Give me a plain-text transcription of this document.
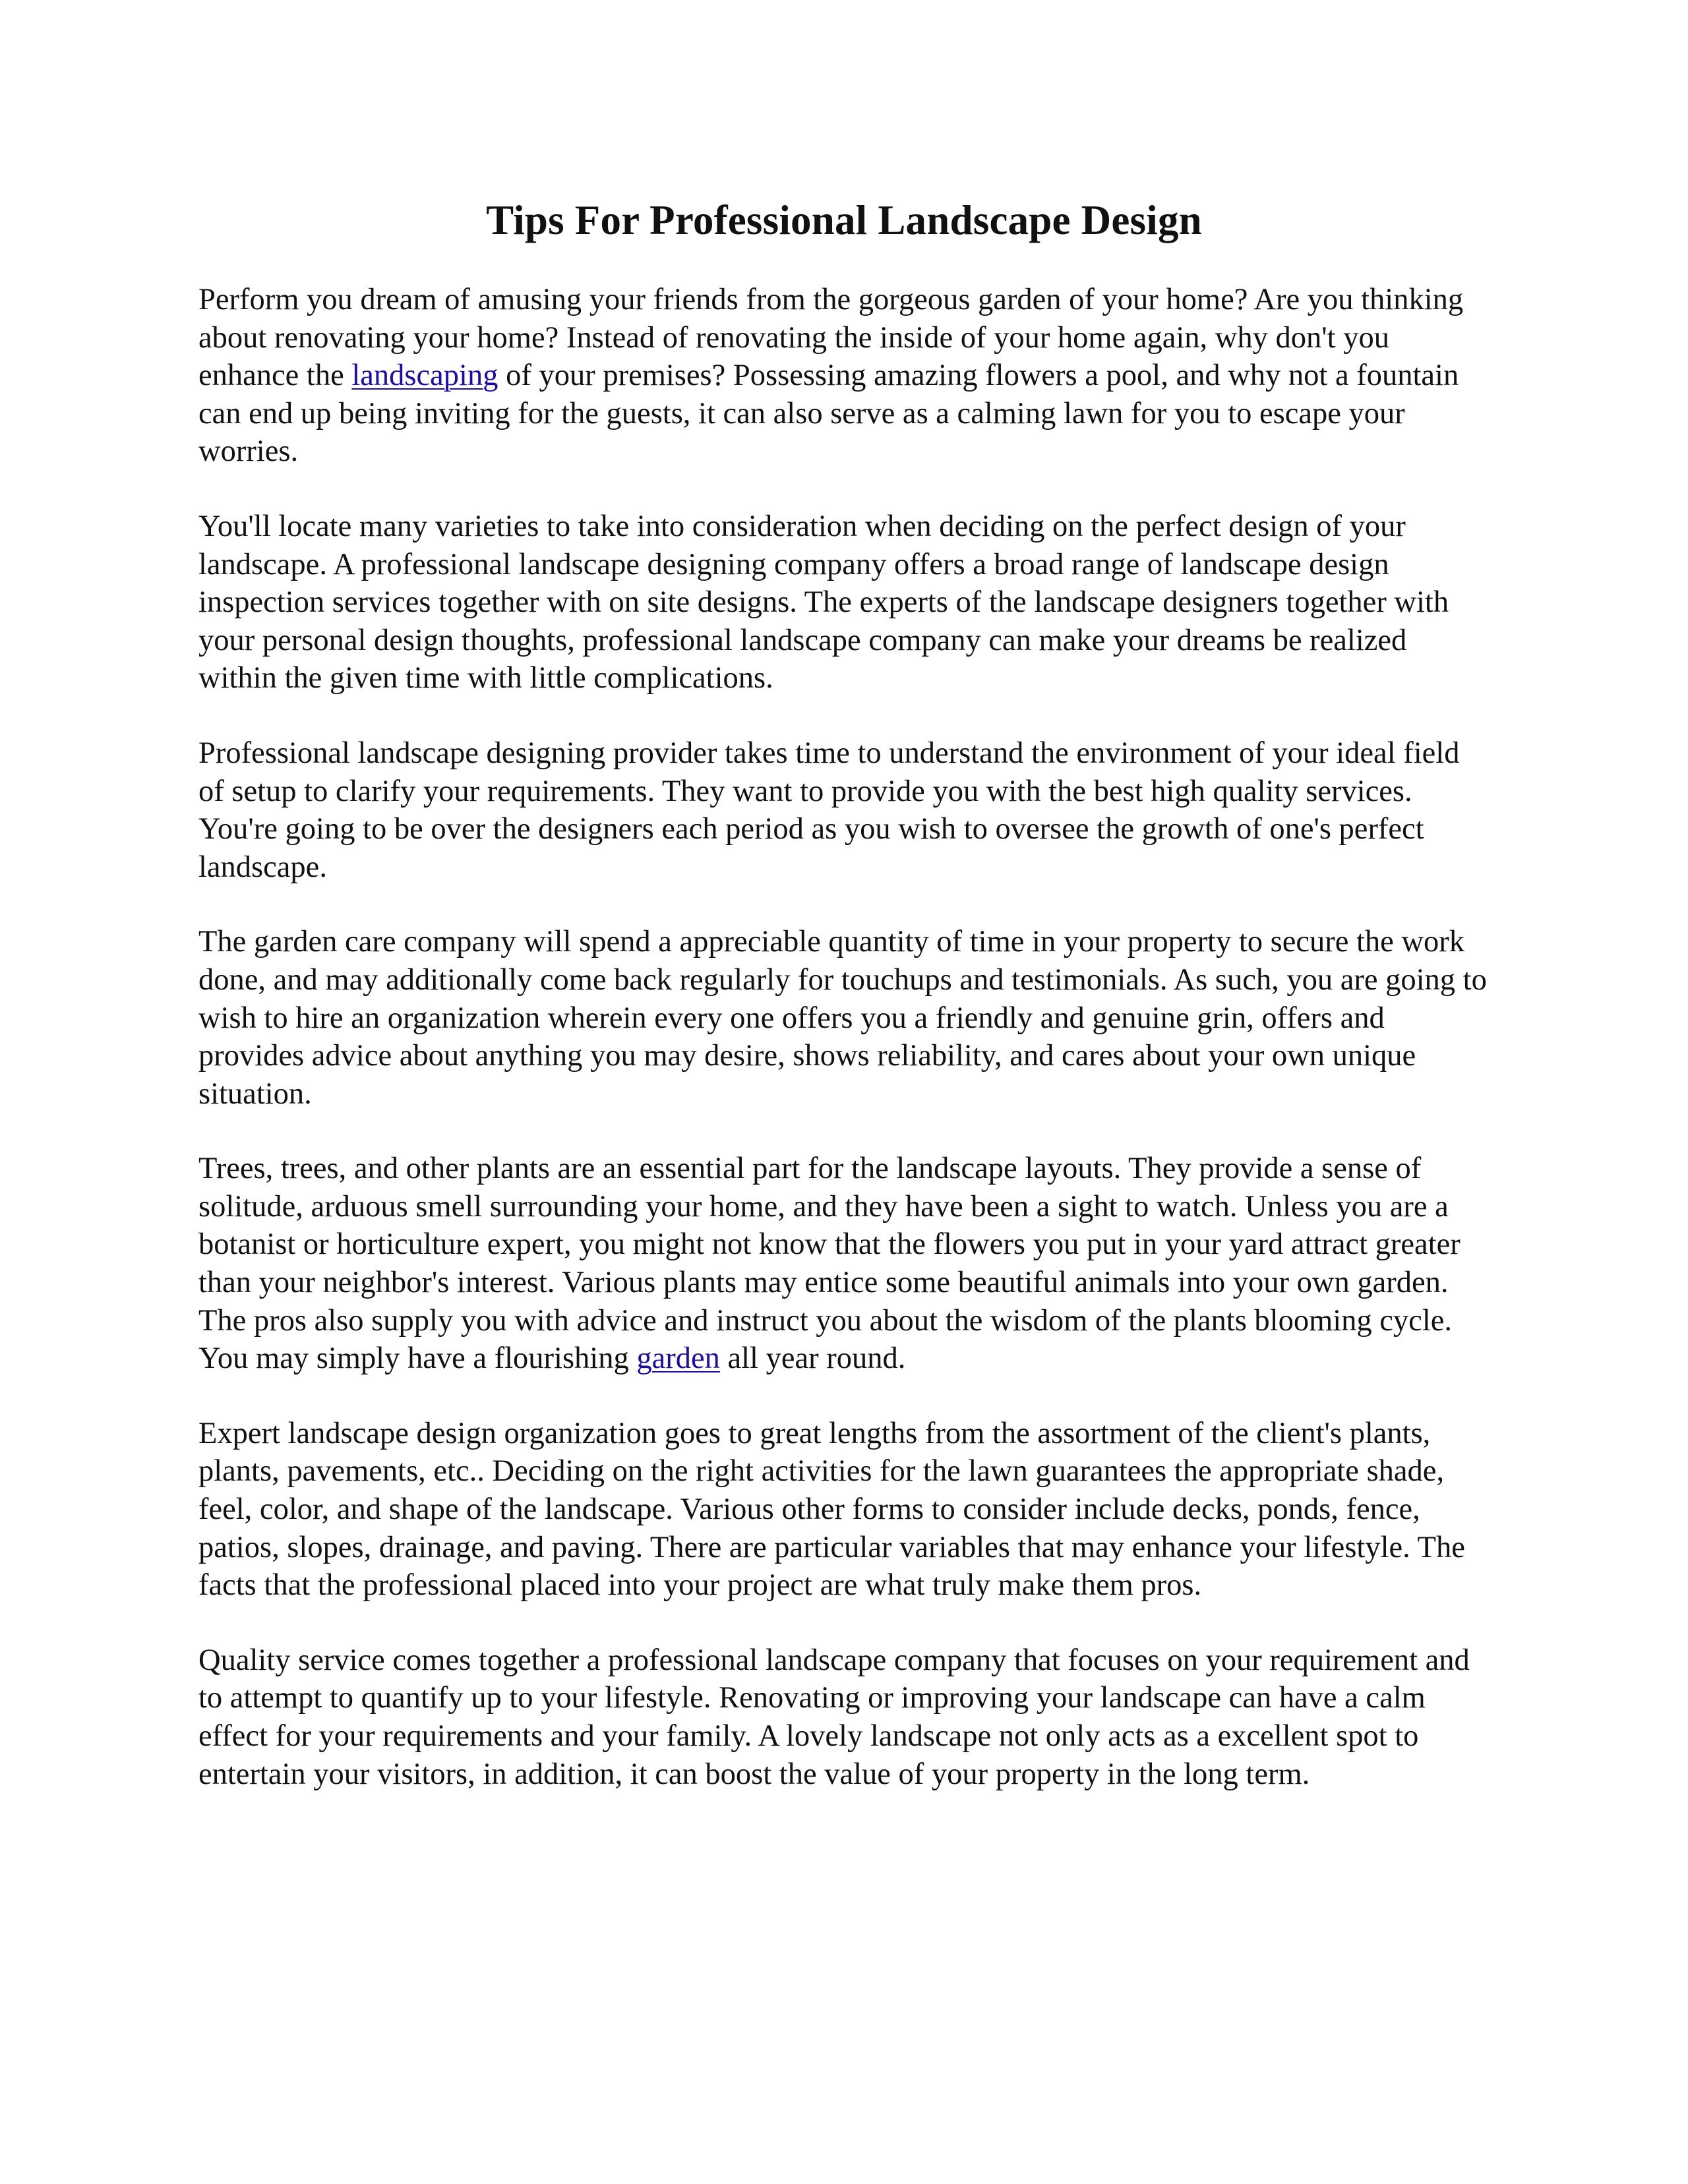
Tips For Professional Landscape Design

Perform you dream of amusing your friends from the gorgeous garden of your home? Are you thinking about renovating your home? Instead of renovating the inside of your home again, why don't you enhance the landscaping of your premises? Possessing amazing flowers a pool, and why not a fountain can end up being inviting for the guests, it can also serve as a calming lawn for you to escape your worries.

You'll locate many varieties to take into consideration when deciding on the perfect design of your landscape. A professional landscape designing company offers a broad range of landscape design inspection services together with on site designs. The experts of the landscape designers together with your personal design thoughts, professional landscape company can make your dreams be realized within the given time with little complications.

Professional landscape designing provider takes time to understand the environment of your ideal field of setup to clarify your requirements. They want to provide you with the best high quality services. You're going to be over the designers each period as you wish to oversee the growth of one's perfect landscape.

The garden care company will spend a appreciable quantity of time in your property to secure the work done, and may additionally come back regularly for touchups and testimonials. As such, you are going to wish to hire an organization wherein every one offers you a friendly and genuine grin, offers and provides advice about anything you may desire, shows reliability, and cares about your own unique situation.

Trees, trees, and other plants are an essential part for the landscape layouts. They provide a sense of solitude, arduous smell surrounding your home, and they have been a sight to watch. Unless you are a botanist or horticulture expert, you might not know that the flowers you put in your yard attract greater than your neighbor's interest. Various plants may entice some beautiful animals into your own garden. The pros also supply you with advice and instruct you about the wisdom of the plants blooming cycle. You may simply have a flourishing garden all year round.

Expert landscape design organization goes to great lengths from the assortment of the client's plants, plants, pavements, etc.. Deciding on the right activities for the lawn guarantees the appropriate shade, feel, color, and shape of the landscape. Various other forms to consider include decks, ponds, fence, patios, slopes, drainage, and paving. There are particular variables that may enhance your lifestyle. The facts that the professional placed into your project are what truly make them pros.

Quality service comes together a professional landscape company that focuses on your requirement and to attempt to quantify up to your lifestyle. Renovating or improving your landscape can have a calm effect for your requirements and your family. A lovely landscape not only acts as a excellent spot to entertain your visitors, in addition, it can boost the value of your property in the long term.
